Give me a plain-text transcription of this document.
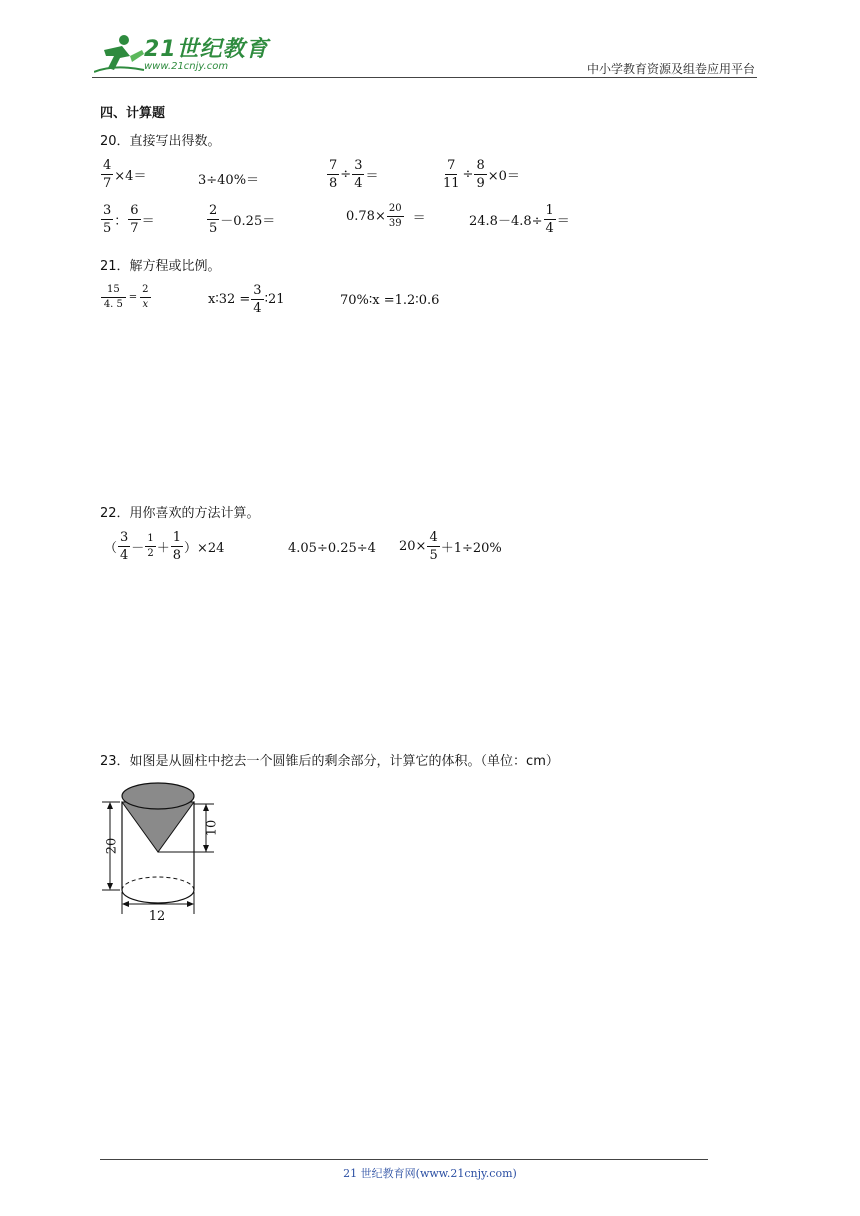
21世纪教育
www.21cnjy.com	中小学教育资源及组卷应用平台
四、计算题
20．直接写出得数。
$\frac{4}{7} \times 4=$	3÷40%＝	$\frac{7}{8} \div \frac{3}{4}$ ＝	$\frac{7}{11} \div \frac{8}{9} \times 0=$
$\frac{3}{5}$ ： $\frac{6}{7}$ ＝	$\frac{2}{5} -0.25=$	$0.78\times \frac{20}{39}$ ＝	$24.8-4.8\div \frac{1}{4}$ ＝
21．解方程或比例。
$\frac{15}{4. 5} = \frac{2}{x}$	x∶32 = $\frac{3}{4}$ ∶21	70%∶x =1.2∶0.6
22．用你喜欢的方法计算。
（ $\frac{3}{4} - \frac{1}{2} + \frac{1}{8} )\times 24$	4.05÷0.25÷4 $20\times \frac{4}{5} +1\div 20\%$
23．如图是从圆柱中挖去一个圆锥后的剩余部分，计算它的体积。（单位：cm）
20
10
12
21 世纪教育网(www.21cnjy.com)
